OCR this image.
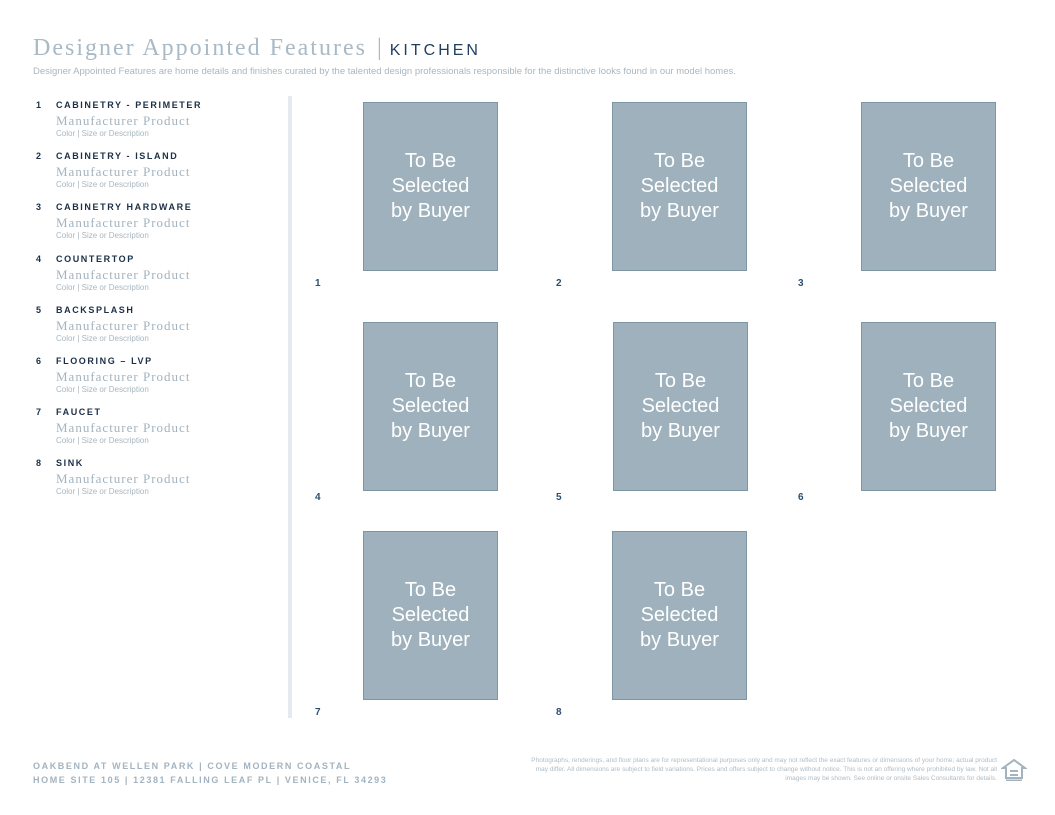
Designer Appointed Features | KITCHEN
Designer Appointed Features are home details and finishes curated by the talented design professionals responsible for the distinctive looks found in our model homes.
1	CABINETRY - PERIMETER
Manufacturer Product
Color | Size or Description
2	CABINETRY - ISLAND
Manufacturer Product
Color | Size or Description
3	CABINETRY HARDWARE
Manufacturer Product
Color | Size or Description
4	COUNTERTOP
Manufacturer Product
Color | Size or Description
5	BACKSPLASH
Manufacturer Product
Color | Size or Description
6	FLOORING – LVP
Manufacturer Product
Color | Size or Description
7	FAUCET
Manufacturer Product
Color | Size or Description
8	SINK
Manufacturer Product
Color | Size or Description
To Be
Selected
by Buyer
1
To Be
Selected
by Buyer
2
To Be
Selected
by Buyer
3
To Be
Selected
by Buyer
4
To Be
Selected
by Buyer
5
To Be
Selected
by Buyer
6
To Be
Selected
by Buyer
7
To Be
Selected
by Buyer
8
OAKBEND AT WELLEN PARK | COVE MODERN COASTAL
HOME SITE 105 | 12381 FALLING LEAF PL | VENICE, FL 34293
Photographs, renderings, and floor plans are for representational purposes only and may not reflect the exact features or dimensions of your home; actual product may differ. All dimensions are subject to field variations. Prices and offers subject to change without notice. This is not an offering where prohibited by law. Not all images may be shown. See online or onsite Sales Consultants for details.
